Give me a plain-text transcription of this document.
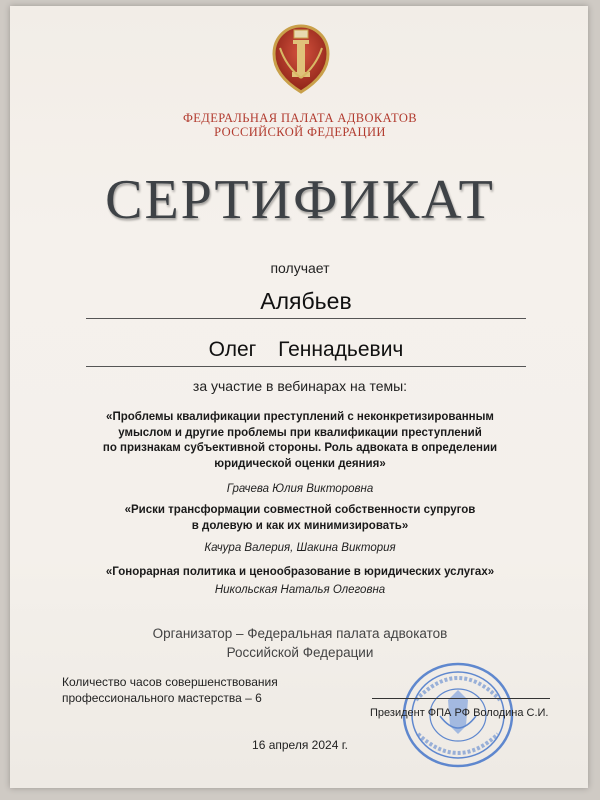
ФЕДЕРАЛЬНАЯ ПАЛАТА АДВОКАТОВ
РОССИЙСКОЙ ФЕДЕРАЦИИ
СЕРТИФИКАТ
получает
Алябьев
Олег Геннадьевич
за участие в вебинарах на темы:
«Проблемы квалификации преступлений с неконкретизированным
умыслом и другие проблемы при квалификации преступлений
по признакам субъективной стороны. Роль адвоката в определении
юридической оценки деяния»
Грачева Юлия Викторовна
«Риски трансформации совместной собственности супругов
в долевую и как их минимизировать»
Качура Валерия, Шакина Виктория
«Гонорарная политика и ценообразование в юридических услугах»
Никольская Наталья Олеговна
Организатор – Федеральная палата адвокатов
Российской Федерации
Количество часов совершенствования
профессионального мастерства – 6
Президент ФПА РФ Володина С.И.
16 апреля 2024 г.
